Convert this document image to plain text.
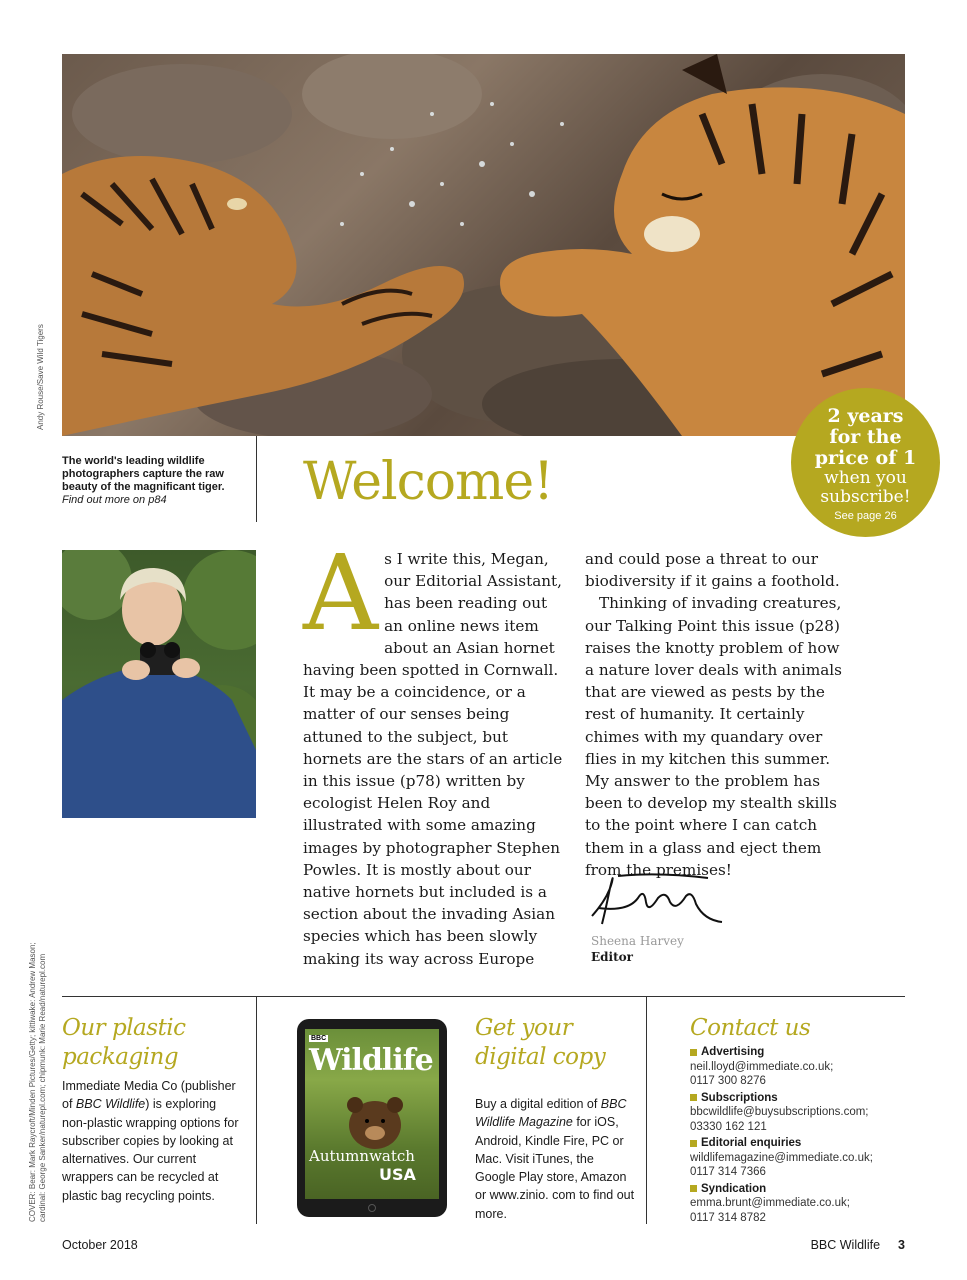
Andy Rouse/Save Wild Tigers	2 years
for the
price of 1
when you
subscribe!
See page 26
The world's leading wildlife photographers capture the raw beauty of the magnificant tiger.
Find out more on p84	Welcome!
A s I write this, Megan, our Editorial Assistant, has been reading out an online news item about an Asian hornet having been spotted in Cornwall. It may be a coincidence, or a matter of our senses being attuned to the subject, but hornets are the stars of an article in this issue (p78) written by ecologist Helen Roy and illustrated with some amazing images by photographer Stephen Powles. It is mostly about our native hornets but included is a section about the invading Asian species which has been slowly making its way across Europe

and could pose a threat to our biodiversity if it gains a foothold.

Thinking of invading creatures, our Talking Point this issue (p28) raises the knotty problem of how a nature lover deals with animals that are viewed as pests by the rest of humanity. It certainly chimes with my quandary over flies in my kitchen this summer. My answer to the problem has been to develop my stealth skills to the point where I can catch them in a glass and eject them from the premises!

Sheena Harvey
Editor
Our plastic
packaging
Immediate Media Co (publisher of BBC Wildlife) is exploring non-plastic wrapping options for subscriber copies by looking at alternatives. Our current wrappers can be recycled at plastic bag recycling points.
BBC
Wildlife
Autumnwatch
USA
Get your
digital copy
Buy a digital edition of BBC Wildlife Magazine for iOS, Android, Kindle Fire, PC or Mac. Visit iTunes, the Google Play store, Amazon or www.zinio. com to find out more.
Contact us
Advertising
neil.lloyd@immediate.co.uk;
0117 300 8276
Subscriptions
bbcwildlife@buysubscriptions.com;
03330 162 121
Editorial enquiries
wildlifemagazine@immediate.co.uk;
0117 314 7366
Syndication
emma.brunt@immediate.co.uk;
0117 314 8782
COVER: Bear: Mark Raycroft/Minden Pictures/Getty; kittiwake: Andrew Mason; cardinal: George Sanker/naturepl.com; chipmunk: Marie Read/naturepl.com
October 2018	BBC Wildlife 3
